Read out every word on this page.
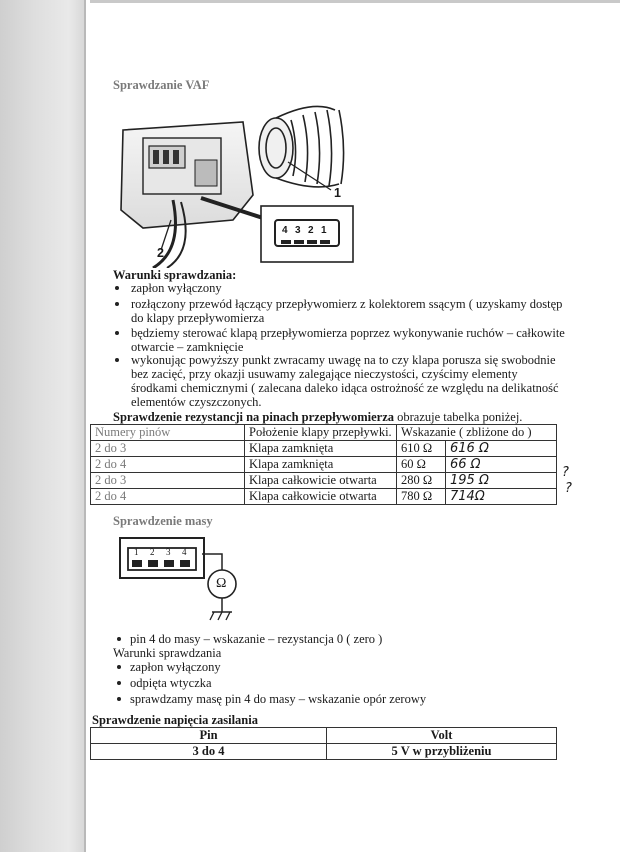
Sprawdzanie VAF
1
2
4 3 2 1
Warunki sprawdzania:
zapłon wyłączony
rozłączony przewód łączący przepływomierz z kolektorem ssącym ( uzyskamy dostęp
do klapy przepływomierza
będziemy sterować klapą przepływomierza poprzez wykonywanie ruchów – całkowite
otwarcie – zamknięcie
wykonując powyższy punkt zwracamy uwagę na to czy klapa porusza się swobodnie
bez zacięć, przy okazji usuwamy zalegające nieczystości, czyścimy elementy
środkami chemicznymi ( zalecana daleko idąca ostrożność ze względu na delikatność
elementów czyszczonych.
Sprawdzenie rezystancji na pinach przepływomierza obrazuje tabelka poniżej.
Numery pinów	Położenie klapy przepływki.	Wskazanie ( zbliżone do )	
2 do 3	Klapa zamknięta	610 Ω	616 Ω
2 do 4	Klapa zamknięta	60 Ω	66 Ω
2 do 3	Klapa całkowicie otwarta	280 Ω	195 Ω
2 do 4	Klapa całkowicie otwarta	780 Ω	714Ω
?
?
Sprawdzenie masy
1 2 3 4
Ω
pin 4 do masy – wskazanie – rezystancja 0 ( zero )
Warunki sprawdzania
zapłon wyłączony
odpięta wtyczka
sprawdzamy masę pin 4 do masy – wskazanie opór zerowy
Sprawdzenie napięcia zasilania
Pin	Volt
3 do 4	5 V w przybliżeniu
